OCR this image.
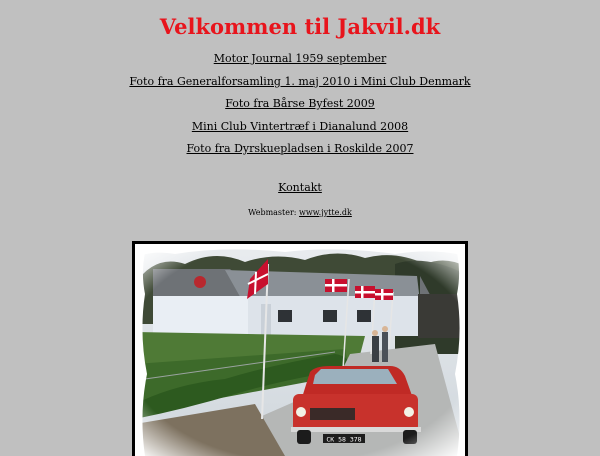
Velkommen til Jakvil.dk
Motor Journal 1959 september
Foto fra Generalforsamling 1. maj 2010 i Mini Club Denmark
Foto fra Bårse Byfest 2009
Mini Club Vintertræf i Dianalund 2008
Foto fra Dyrskuepladsen i Roskilde 2007
Kontakt
Webmaster: www.jytte.dk
